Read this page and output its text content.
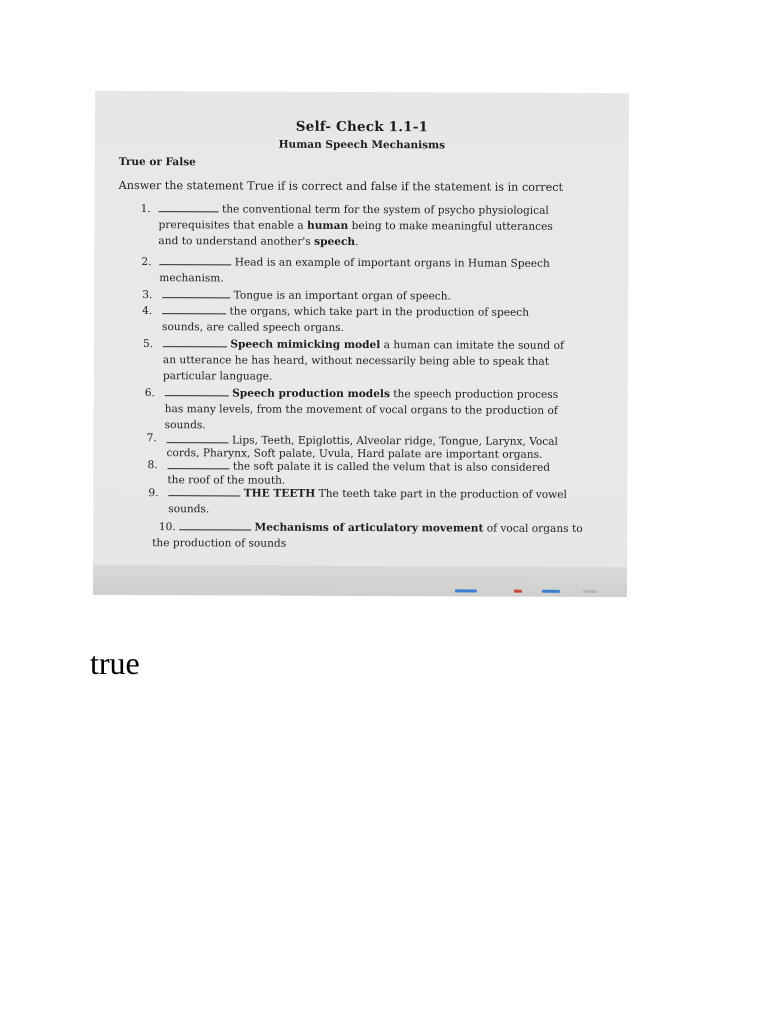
Self- Check 1.1-1
Human Speech Mechanisms
True or False
Answer the statement True if is correct and false if the statement is in correct
1.	the conventional term for the system of psycho physiological
prerequisites that enable a human being to make meaningful utterances
and to understand another's speech.
2.	Head is an example of important organs in Human Speech
mechanism.
3.	Tongue is an important organ of speech.
4.	the organs, which take part in the production of speech
sounds, are called speech organs.
5.	Speech mimicking model a human can imitate the sound of
an utterance he has heard, without necessarily being able to speak that
particular language.
6.	Speech production models the speech production process
has many levels, from the movement of vocal organs to the production of
sounds.
7.	Lips, Teeth, Epiglottis, Alveolar ridge, Tongue, Larynx, Vocal
cords, Pharynx, Soft palate, Uvula, Hard palate are important organs.
8.	the soft palate it is called the velum that is also considered
the roof of the mouth.
9.	THE TEETH The teeth take part in the production of vowel
sounds.
10.	Mechanisms of articulatory movement of vocal organs to
the production of sounds
true
